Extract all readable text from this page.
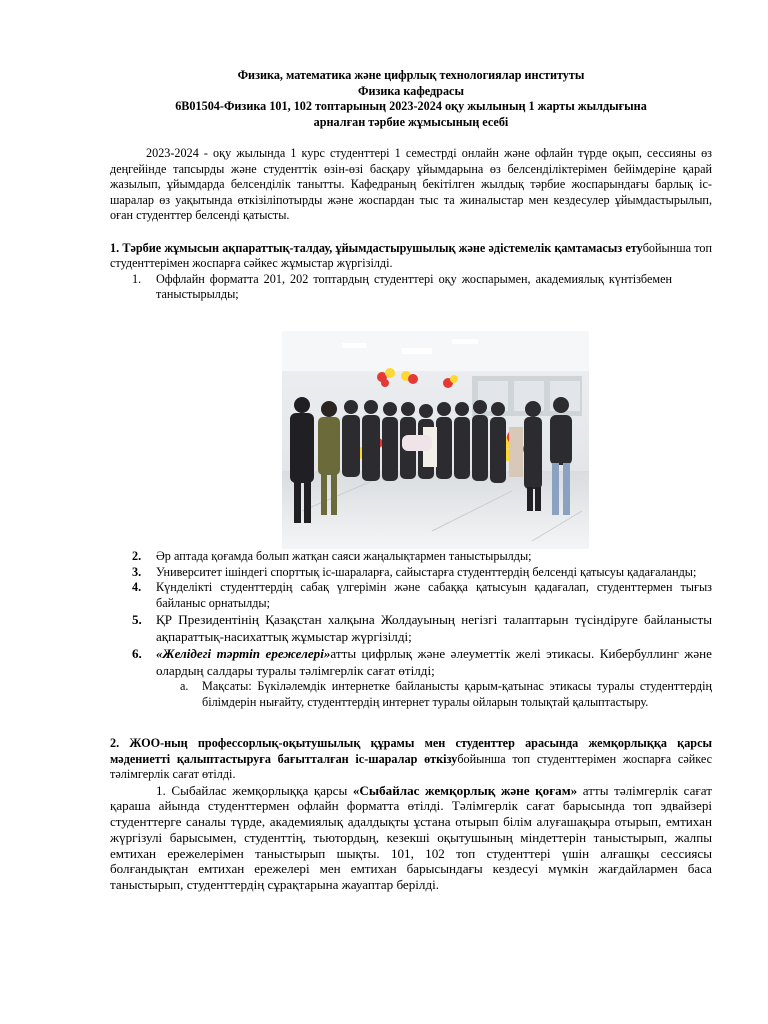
Физика, математика және цифрлық технологиялар институты
Физика кафедрасы
6В01504-Физика 101, 102 топтарының 2023-2024 оқу жылының 1 жарты жылдығына
арналған тәрбие жұмысының есебі

2023-2024 - оқу жылында 1 курс студенттері 1 семестрді онлайн және офлайн түрде оқып, сессияны өз деңгейінде тапсырды және студенттік өзін-өзі басқару ұйымдарына өз белсенділіктерімен бейімдеріне қарай жазылып, ұйымдарда белсенділік танытты. Кафедраның бекітілген жылдық тәрбие жоспарындағы барлық іс-шаралар өз уақытында өткізіліпотырды және жоспардан тыс та жиналыстар мен кездесулер ұйымдастырылып, оған студенттер белсенді қатысты.

1. Тәрбие жұмысын ақпараттық-талдау, ұйымдастырушылық және әдістемелік қамтамасыз етубойынша топ студенттерімен жоспарға сәйкес жұмыстар жүргізілді.

1. Оффлайн форматта 201, 202 топтардың студенттері оқу жоспарымен, академиялық күнтізбемен таныстырылды;
2. Әр аптада қоғамда болып жатқан саяси жаңалықтармен таныстырылды;
3. Университет ішіндегі спорттық іс-шараларға, сайыстарға студенттердің белсенді қатысуы қадағаланды;
4. Күнделікті студенттердің сабақ үлгерімін және сабаққа қатысуын қадағалап, студенттермен тығыз байланыс орнатылды;
5. ҚР Президентінің Қазақстан халқына Жолдауының негізгі талаптарын түсіндіруге байланысты ақпараттық-насихаттық жұмыстар жүргізілді;
6. «Желідегі тәртіп ережелері»атты цифрлық және әлеуметтік желі этикасы. Кибербуллинг және олардың салдары туралы тәлімгерлік сағат өтілді;
a. Мақсаты: Бүкіләлемдік интернетке байланысты қарым-қатынас этикасы туралы студенттердің білімдерін нығайту, студенттердің интернет туралы ойларын толықтай қалыптастыру.

2. ЖОО-ның профессорлық-оқытушылық құрамы мен студенттер арасында жемқорлыққа қарсы мәдениетті қалыптастыруға бағытталған іс-шаралар өткізубойынша топ студенттерімен жоспарға сәйкес тәлімгерлік сағат өтілді.

1. Сыбайлас жемқорлыққа қарсы «Сыбайлас жемқорлық және қоғам» атты тәлімгерлік сағат қараша айында студенттермен офлайн форматта өтілді. Тәлімгерлік сағат барысында топ эдвайзері студенттерге саналы түрде, академиялық адалдықты ұстана отырып білім алуғашақыра отырып, емтихан жүргізулі барысымен, студенттің, тьютордың, кезекші оқытушының міндеттерін таныстырып, жалпы емтихан ережелерімен таныстырып шықты. 101, 102 топ студенттері үшін алғашқы сессиясы болғандықтан емтихан ережелері мен емтихан барысындағы кездесуі мүмкін жағдайлармен баса таныстырып, студенттердің сұрақтарына жауаптар берілді.
